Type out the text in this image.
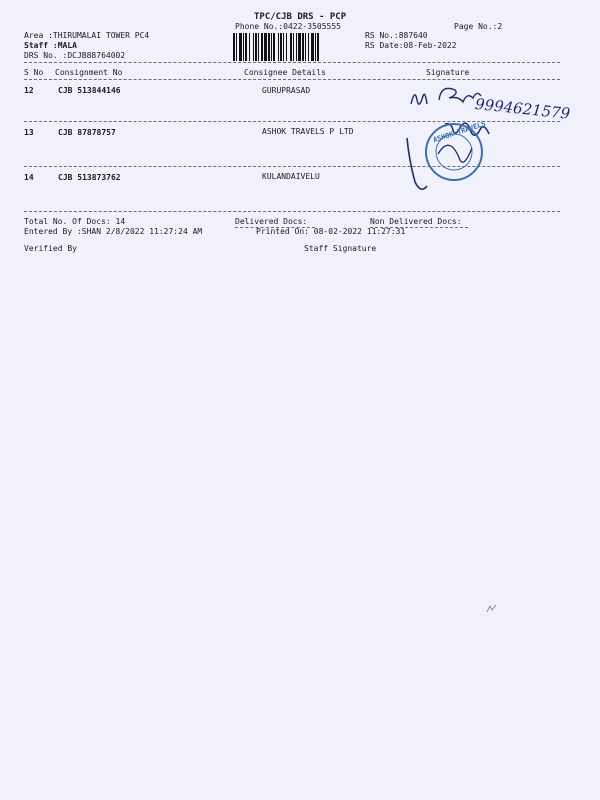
TPC/CJB DRS - PCP
Phone No.:0422-3505555	Page No.:2
Area :THIRUMALAI TOWER PC4
Staff :MALA
DRS No. :DCJB88764002
RS No.:887640
RS Date:08-Feb-2022
S No Consignment No	Consignee Details	Signature
12	CJB 513844146	GURUPRASAD
13	CJB 87878757	ASHOK TRAVELS P LTD
14	CJB 513873762	KULANDAIVELU
Total No. Of Docs: 14	Delivered Docs:	Non Delivered Docs:
Entered By :SHAN 2/8/2022 11:27:24 AM	Printed On: 08-02-2022 11:27:31
Verified By	Staff Signature
9994621579
ASHOK TRAVELS
